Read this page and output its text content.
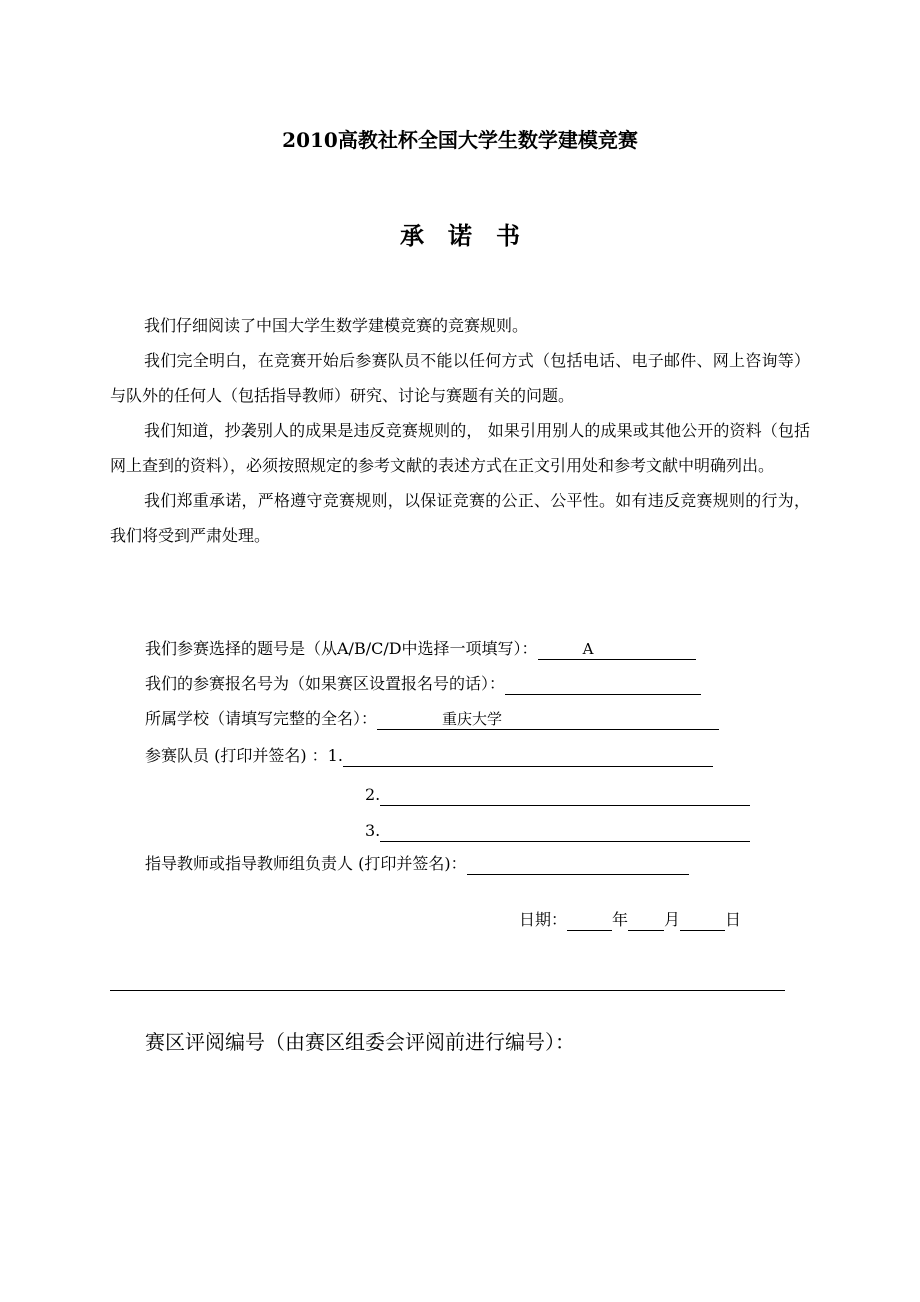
2010高教社杯全国大学生数学建模竞赛
承诺书

我们仔细阅读了中国大学生数学建模竞赛的竞赛规则。

我们完全明白，在竞赛开始后参赛队员不能以任何方式（包括电话、电子邮件、网上咨询等）与队外的任何人（包括指导教师）研究、讨论与赛题有关的问题。

我们知道，抄袭别人的成果是违反竞赛规则的， 如果引用别人的成果或其他公开的资料（包括网上查到的资料），必须按照规定的参考文献的表述方式在正文引用处和参考文献中明确列出。

我们郑重承诺，严格遵守竞赛规则，以保证竞赛的公正、公平性。如有违反竞赛规则的行为，我们将受到严肃处理。

我们参赛选择的题号是（从A/B/C/D中选择一项填写）：	A
我们的参赛报名号为（如果赛区设置报名号的话）：
所属学校（请填写完整的全名）：	重庆大学
参赛队员 (打印并签名) ：1.
2.
3.
指导教师或指导教师组负责人 (打印并签名)：
日期：	年 月	日
赛区评阅编号（由赛区组委会评阅前进行编号）：
